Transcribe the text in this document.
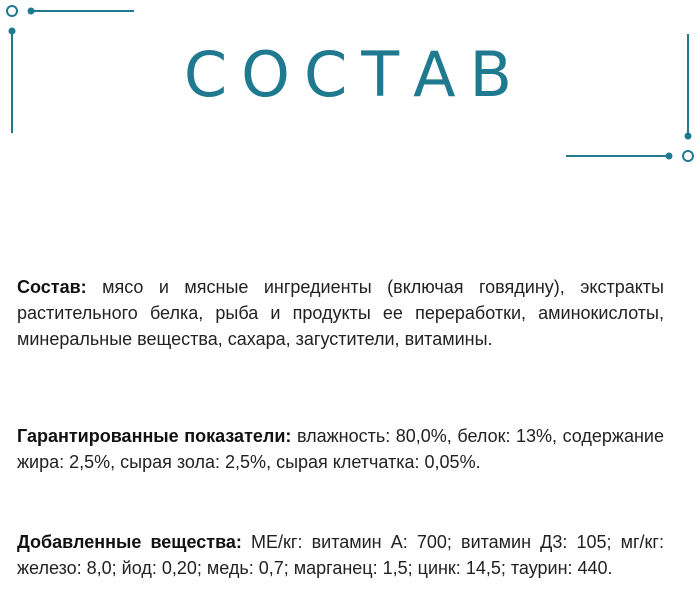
СОСТАВ
Состав: мясо и мясные ингредиенты (включая говядину), экстракты растительного белка, рыба и продукты ее переработки, аминокислоты, минеральные вещества, сахара, загустители, витамины.
Гарантированные показатели: влажность: 80,0%, белок: 13%, содержание жира: 2,5%, сырая зола: 2,5%, сырая клетчатка: 0,05%.
Добавленные вещества: МЕ/кг: витамин А: 700; витамин Д3: 105; мг/кг: железо: 8,0; йод: 0,20; медь: 0,7; марганец: 1,5; цинк: 14,5; таурин: 440.
